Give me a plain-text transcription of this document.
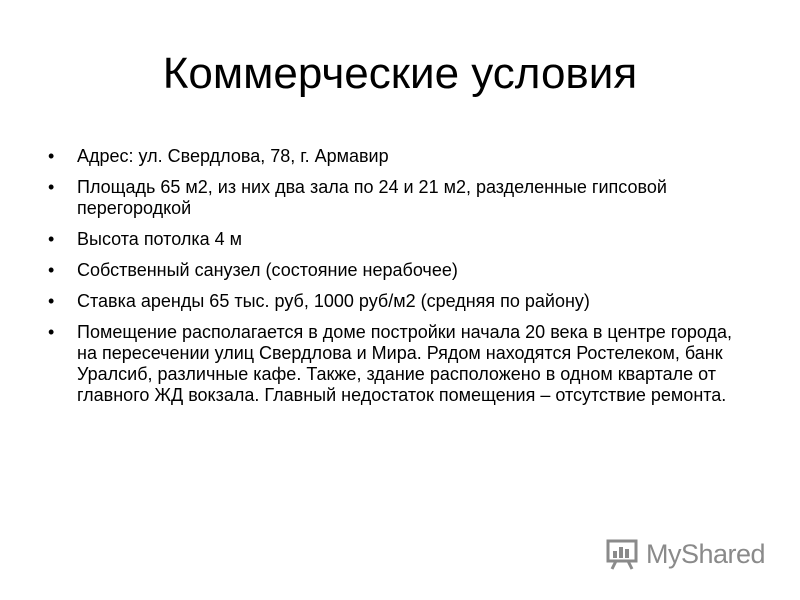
Коммерческие условия
• Адрес: ул. Свердлова, 78, г. Армавир
• Площадь 65 м2, из них два зала по 24 и 21 м2, разделенные гипсовой перегородкой
• Высота потолка 4 м
• Собственный санузел (состояние нерабочее)
• Ставка аренды 65 тыс. руб, 1000 руб/м2 (средняя по району)
• Помещение располагается в доме постройки начала 20 века в центре города, на пересечении улиц Свердлова и Мира. Рядом находятся Ростелеком, банк Уралсиб, различные кафе. Также, здание расположено в одном квартале от главного ЖД вокзала. Главный недостаток помещения – отсутствие ремонта.
MyShared
